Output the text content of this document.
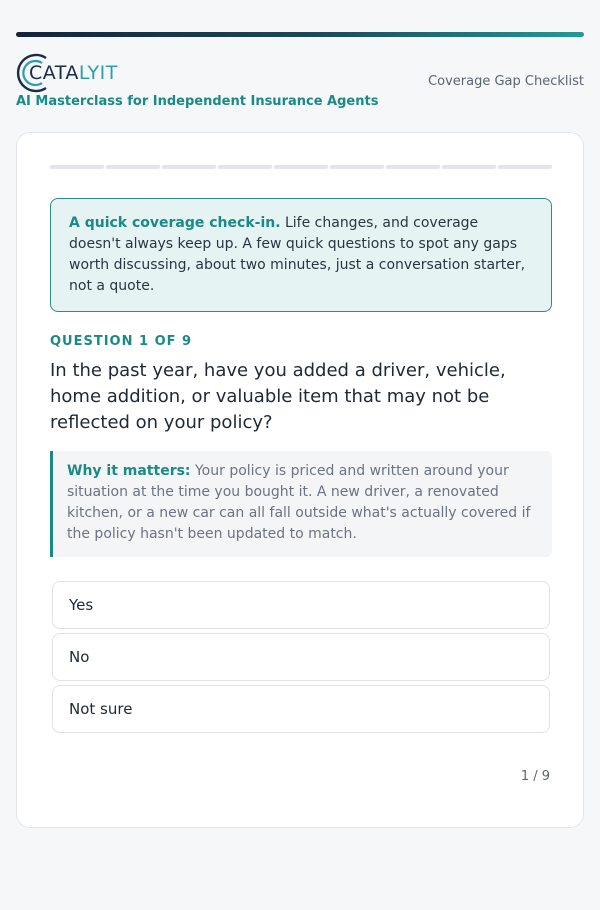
CATALYIT
AI Masterclass for Independent Insurance Agents
Coverage Gap Checklist
A quick coverage check-in. Life changes, and coverage doesn't always keep up. A few quick questions to spot any gaps worth discussing, about two minutes, just a conversation starter, not a quote.
QUESTION 1 OF 9
In the past year, have you added a driver, vehicle, home addition, or valuable item that may not be reflected on your policy?
Why it matters: Your policy is priced and written around your situation at the time you bought it. A new driver, a renovated kitchen, or a new car can all fall outside what's actually covered if the policy hasn't been updated to match.
Yes
No
Not sure
1 / 9
